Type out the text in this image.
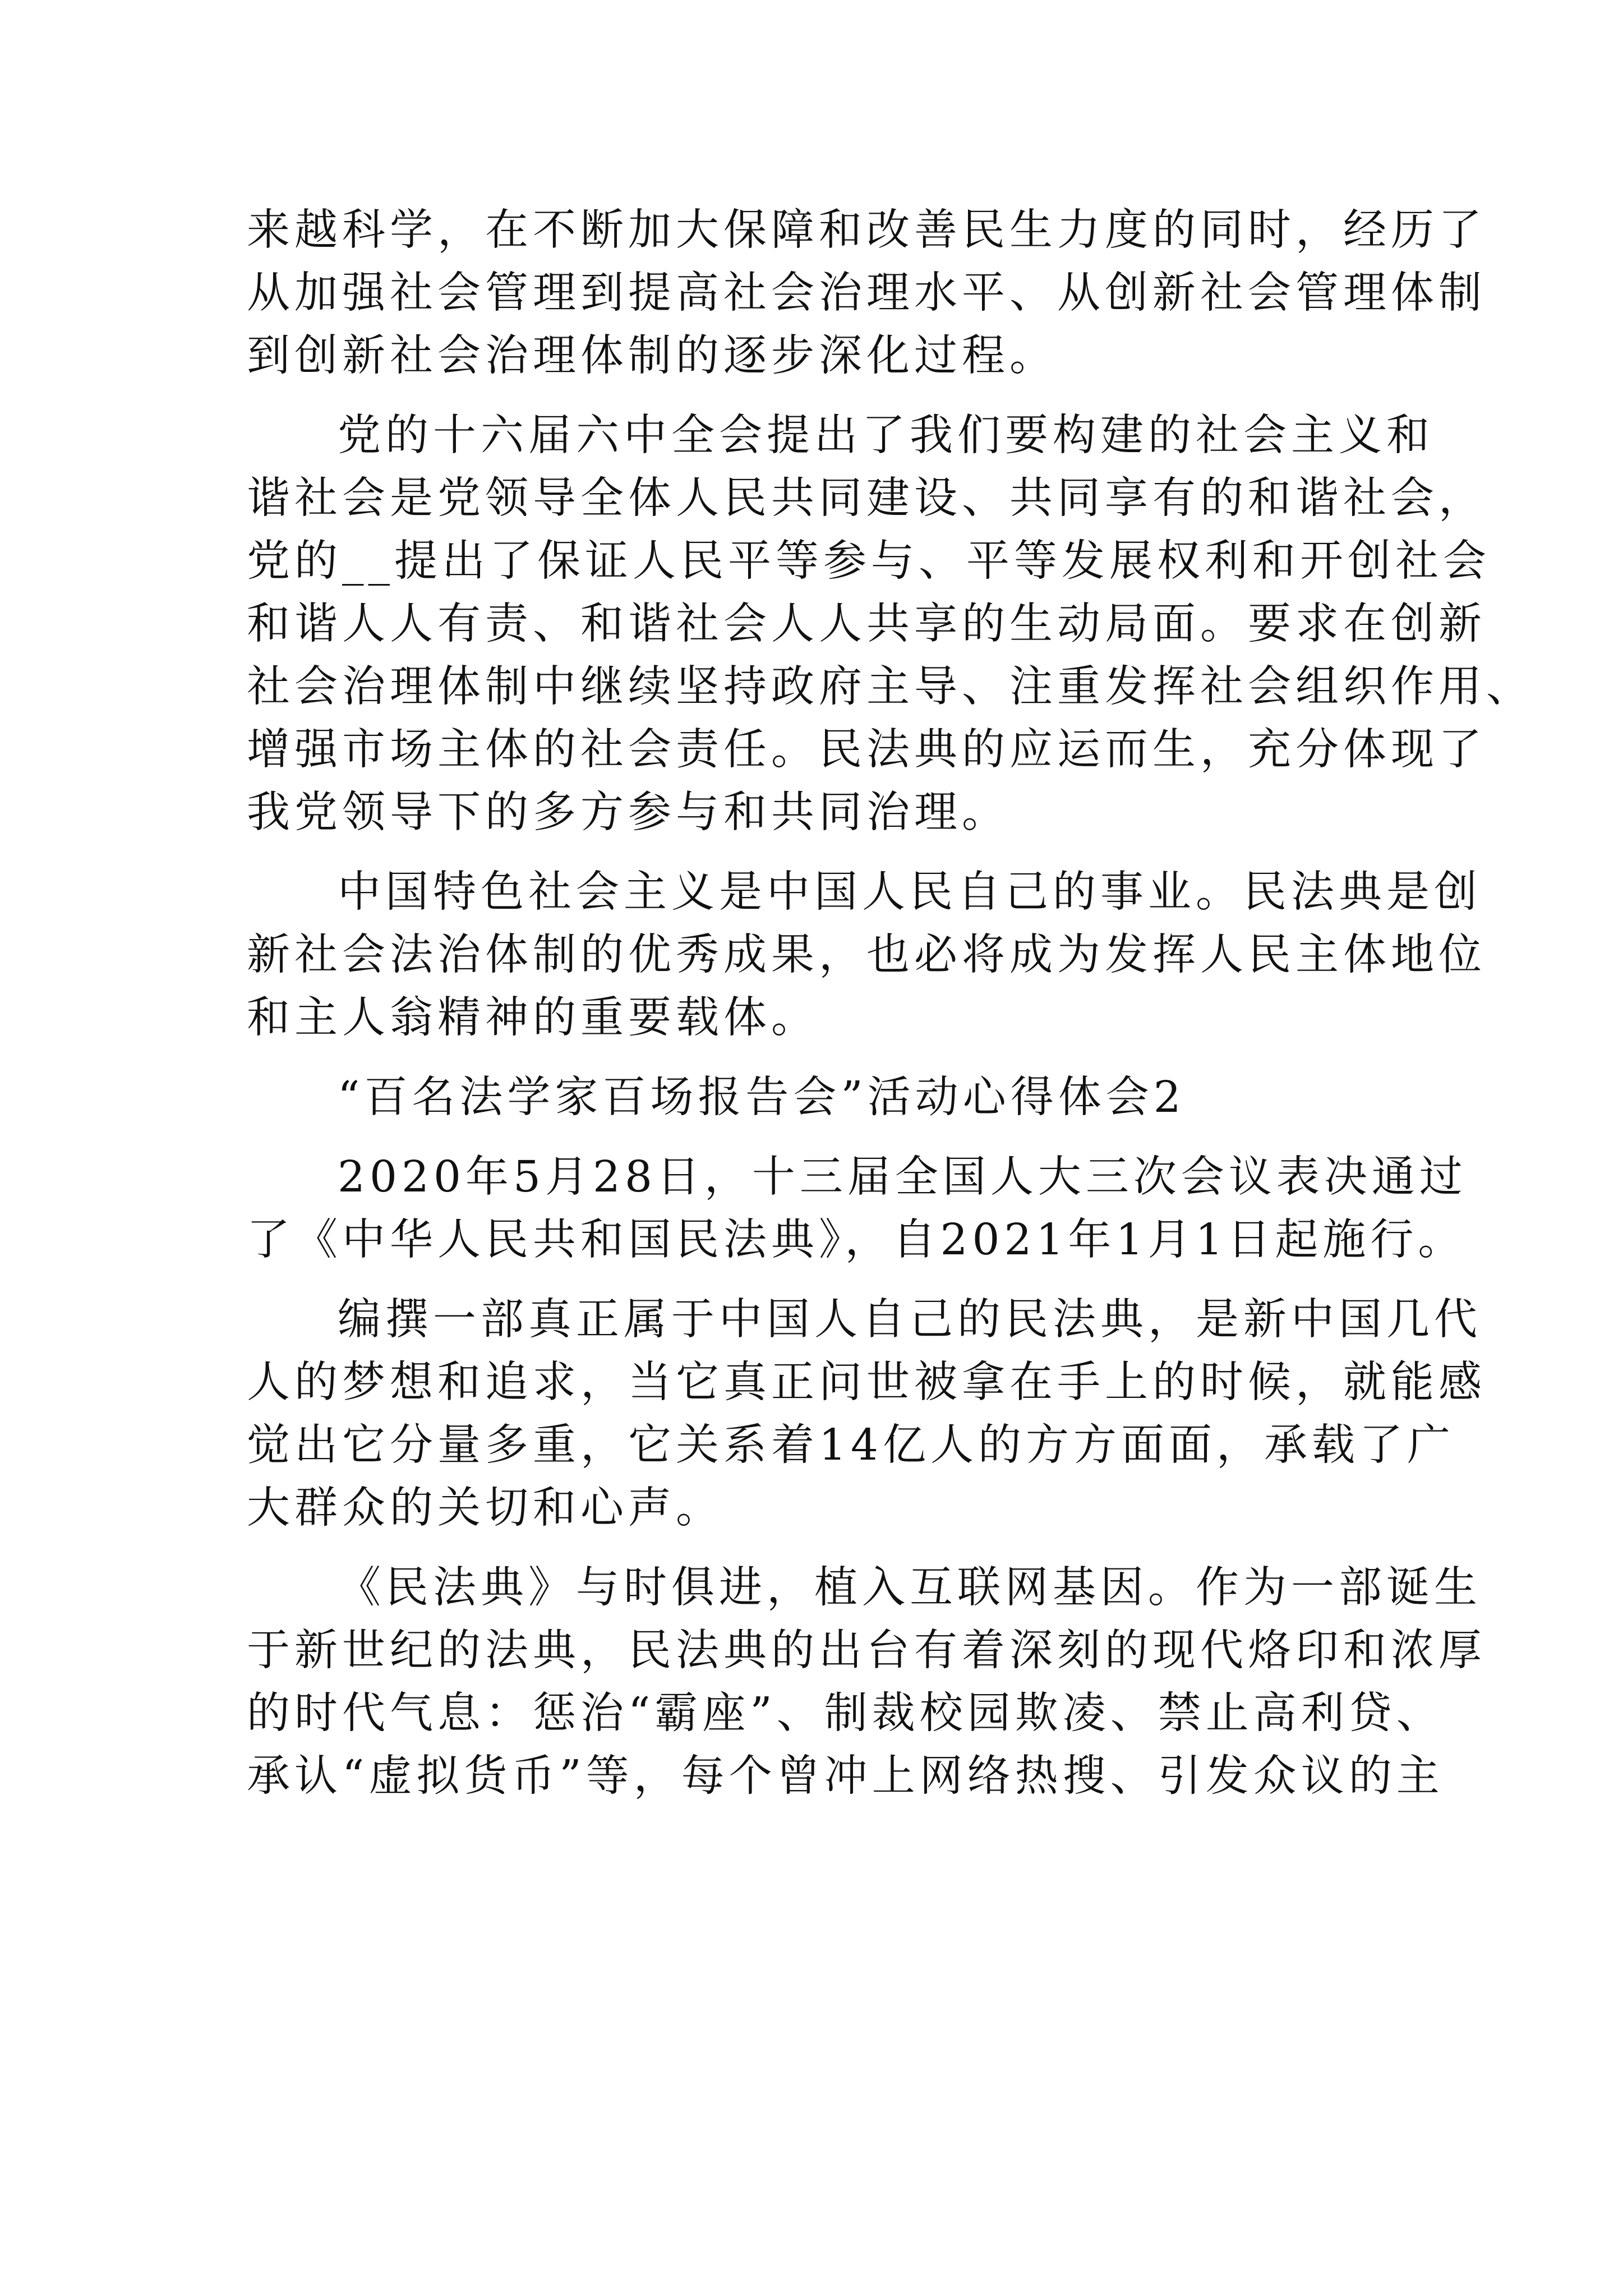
来越科学，在不断加大保障和改善民生力度的同时，经历了
从加强社会管理到提高社会治理水平、从创新社会管理体制
到创新社会治理体制的逐步深化过程。
党的十六届六中全会提出了我们要构建的社会主义和
谐社会是党领导全体人民共同建设、共同享有的和谐社会，
党的__提出了保证人民平等参与、平等发展权利和开创社会
和谐人人有责、和谐社会人人共享的生动局面。要求在创新
社会治理体制中继续坚持政府主导、注重发挥社会组织作用、
增强市场主体的社会责任。民法典的应运而生，充分体现了
我党领导下的多方参与和共同治理。
中国特色社会主义是中国人民自己的事业。民法典是创
新社会法治体制的优秀成果，也必将成为发挥人民主体地位
和主人翁精神的重要载体。
“百名法学家百场报告会”活动心得体会2
2020年5月28日，十三届全国人大三次会议表决通过
了《中华人民共和国民法典》，自2021年1月1日起施行。
编撰一部真正属于中国人自己的民法典，是新中国几代
人的梦想和追求，当它真正问世被拿在手上的时候，就能感
觉出它分量多重，它关系着14亿人的方方面面，承载了广
大群众的关切和心声。
《民法典》与时俱进，植入互联网基因。作为一部诞生
于新世纪的法典，民法典的出台有着深刻的现代烙印和浓厚
的时代气息：惩治“霸座”、制裁校园欺凌、禁止高利贷、
承认“虚拟货币”等，每个曾冲上网络热搜、引发众议的主
